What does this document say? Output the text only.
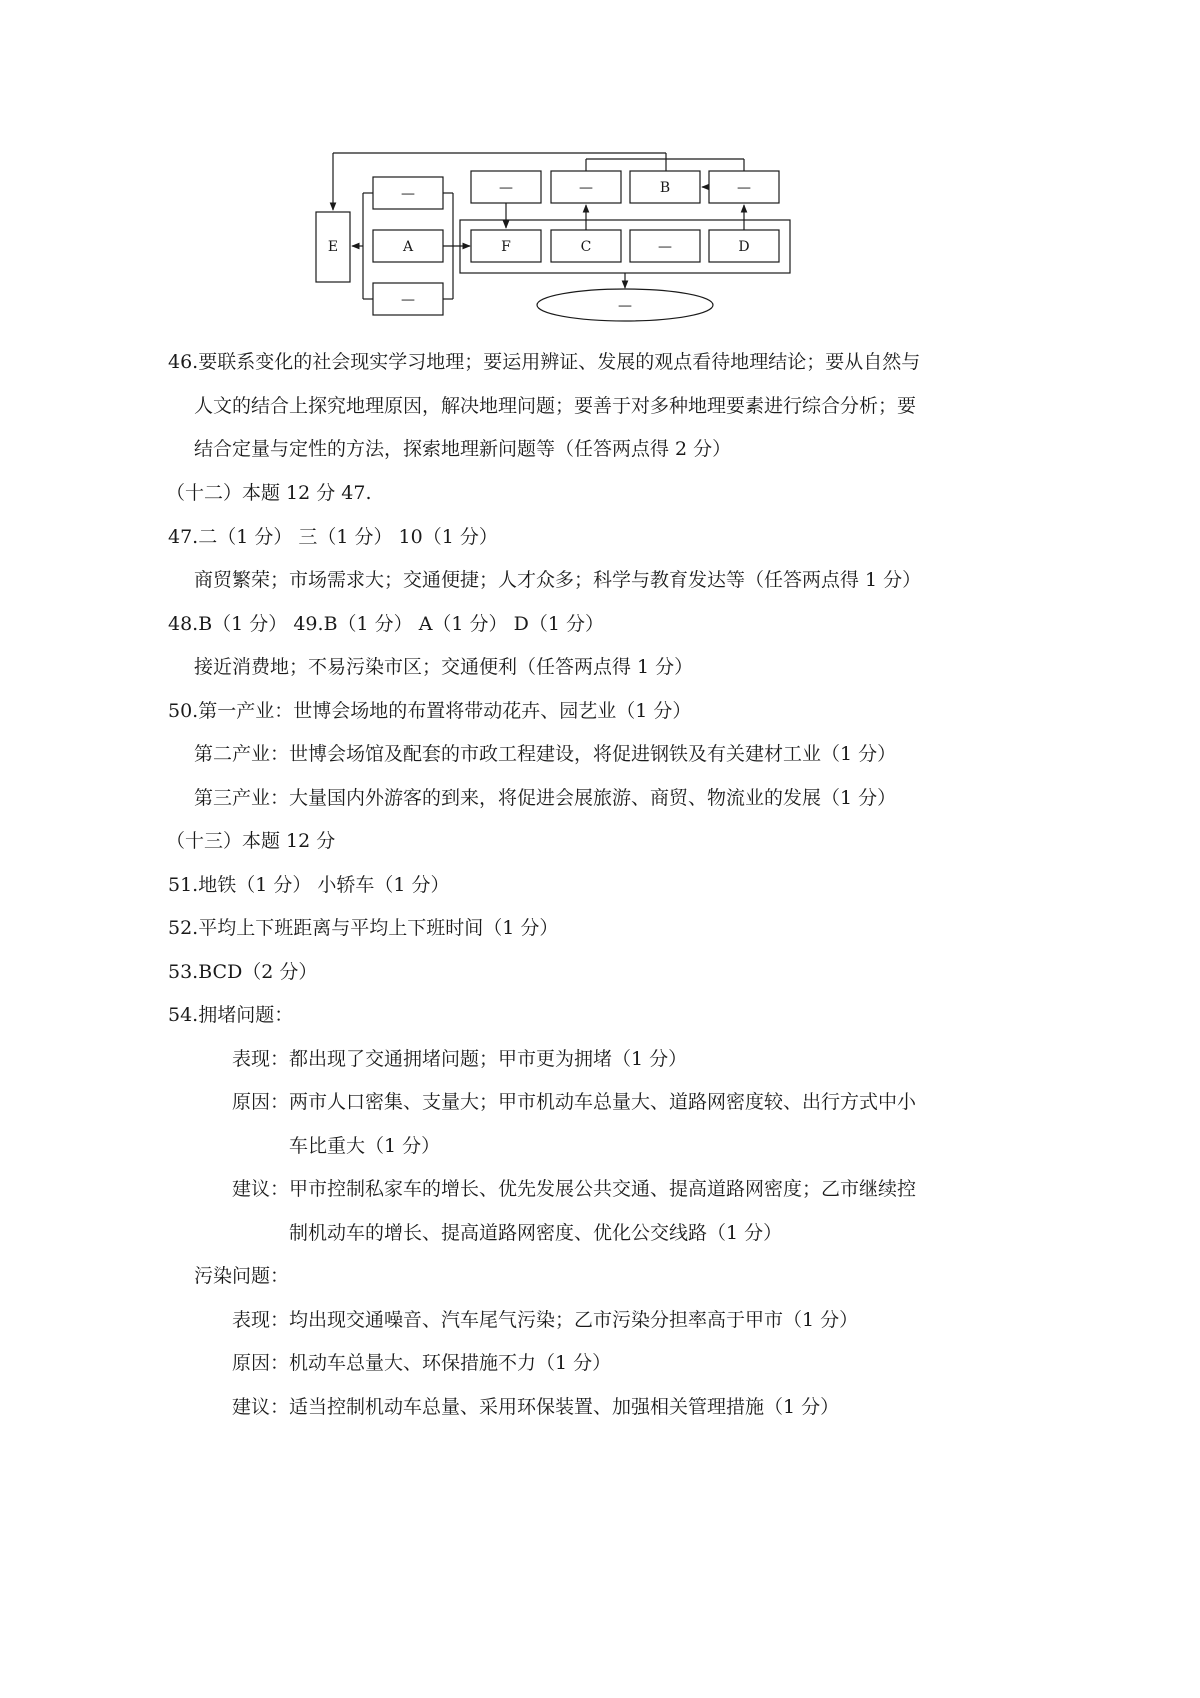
E
—
A
—
—	—	B	—
F	C	—	D
—
46.要联系变化的社会现实学习地理；要运用辨证、发展的观点看待地理结论；要从自然与
人文的结合上探究地理原因，解决地理问题；要善于对多种地理要素进行综合分析；要
结合定量与定性的方法，探索地理新问题等（任答两点得 2 分）
（十二）本题 12 分 47.
47.二（1 分） 三（1 分） 10（1 分）
商贸繁荣；市场需求大；交通便捷；人才众多；科学与教育发达等（任答两点得 1 分）
48.B（1 分） 49.B（1 分） A（1 分） D（1 分）
接近消费地；不易污染市区；交通便利（任答两点得 1 分）
50.第一产业：世博会场地的布置将带动花卉、园艺业（1 分）
第二产业：世博会场馆及配套的市政工程建设，将促进钢铁及有关建材工业（1 分）
第三产业：大量国内外游客的到来，将促进会展旅游、商贸、物流业的发展（1 分）
（十三）本题 12 分
51.地铁（1 分） 小轿车（1 分）
52.平均上下班距离与平均上下班时间（1 分）
53.BCD（2 分）
54.拥堵问题：
表现：都出现了交通拥堵问题；甲市更为拥堵（1 分）
原因：两市人口密集、支量大；甲市机动车总量大、道路网密度较、出行方式中小
车比重大（1 分）
建议：甲市控制私家车的增长、优先发展公共交通、提高道路网密度；乙市继续控
制机动车的增长、提高道路网密度、优化公交线路（1 分）
污染问题：
表现：均出现交通噪音、汽车尾气污染；乙市污染分担率高于甲市（1 分）
原因：机动车总量大、环保措施不力（1 分）
建议：适当控制机动车总量、采用环保装置、加强相关管理措施（1 分）
